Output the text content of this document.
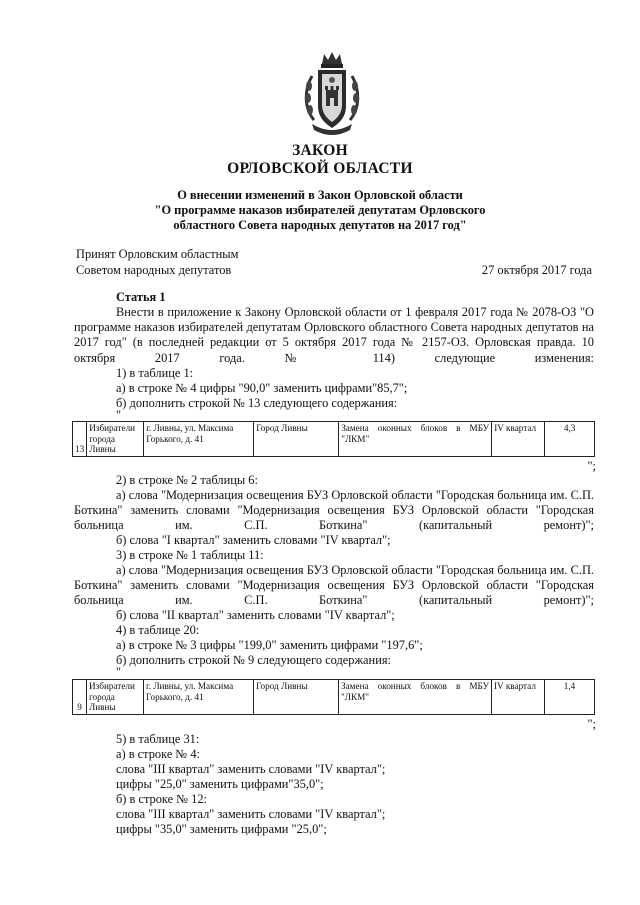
ЗАКОН
ОРЛОВСКОЙ ОБЛАСТИ
О внесении изменений в Закон Орловской области
"О программе наказов избирателей депутатам Орловского
областного Совета народных депутатов на 2017 год"
Принят Орловским областным
Советом народных депутатов	27 октября 2017 года
Статья 1
Внести в приложение к Закону Орловской области от 1 февраля 2017 года № 2078-ОЗ "О программе наказов избирателей депутатам Орловского областного Совета народных депутатов на 2017 год" (в последней редакции от 5 октября 2017 года № 2157-ОЗ. Орловская правда. 10 октября 2017 года. № 114) следующие изменения:
1) в таблице 1:
а) в строке № 4 цифры "90,0" заменить цифрами"85,7";
б) дополнить строкой № 13 следующего содержания:
"
13	Избиратели города Ливны	г. Ливны, ул. Максима Горького, д. 41	Город Ливны	Замена оконных блоков в МБУ "ЛКМ"	IV квартал	4,3
";
2) в строке № 2 таблицы 6:
а) слова "Модернизация освещения БУЗ Орловской области "Городская больница им. С.П. Боткина" заменить словами "Модернизация освещения БУЗ Орловской области "Городская больница им. С.П. Боткина" (капитальный ремонт)";
б) слова "I квартал" заменить словами "IV квартал";
3) в строке № 1 таблицы 11:
а) слова "Модернизация освещения БУЗ Орловской области "Городская больница им. С.П. Боткина" заменить словами "Модернизация освещения БУЗ Орловской области "Городская больница им. С.П. Боткина" (капитальный ремонт)";
б) слова "II квартал" заменить словами "IV квартал";
4) в таблице 20:
а) в строке № 3 цифры "199,0" заменить цифрами "197,6";
б) дополнить строкой № 9 следующего содержания:
"
9	Избиратели города Ливны	г. Ливны, ул. Максима Горького, д. 41	Город Ливны	Замена оконных блоков в МБУ "ЛКМ"	IV квартал	1,4
";
5) в таблице 31:
а) в строке № 4:
слова "III квартал" заменить словами "IV квартал";
цифры "25,0" заменить цифрами"35,0";
б) в строке № 12:
слова "III квартал" заменить словами "IV квартал";
цифры "35,0" заменить цифрами "25,0";
